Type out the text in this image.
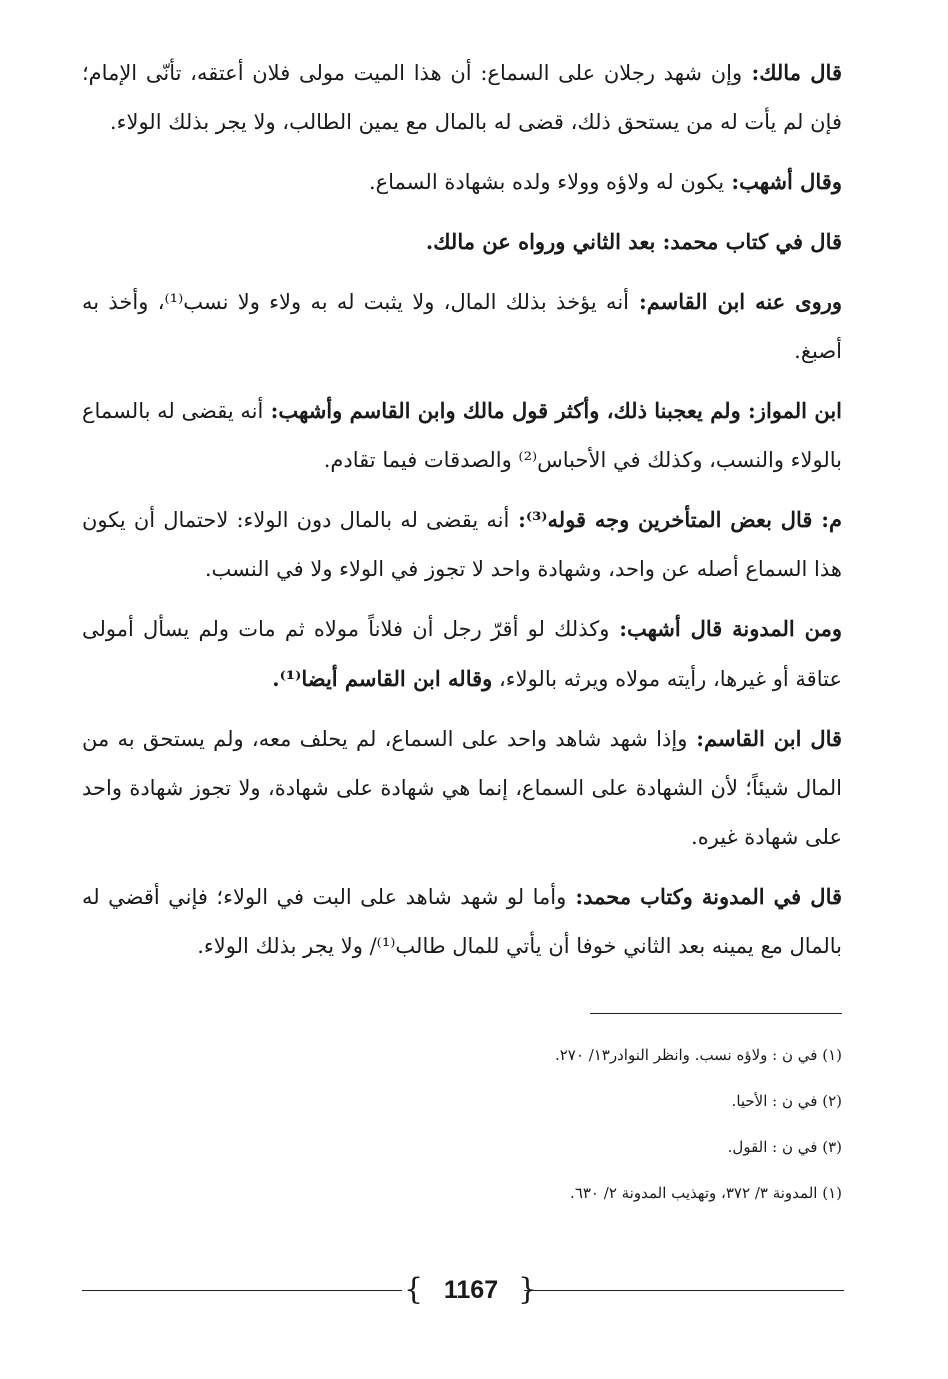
قال مالك: وإن شهد رجلان على السماع: أن هذا الميت مولى فلان أعتقه، تأنّى الإمام؛ فإن لم يأت له من يستحق ذلك، قضى له بالمال مع يمين الطالب، ولا يجر بذلك الولاء.

وقال أشهب: يكون له ولاؤه وولاء ولده بشهادة السماع.

قال في كتاب محمد: بعد الثاني ورواه عن مالك.

وروى عنه ابن القاسم: أنه يؤخذ بذلك المال، ولا يثبت له به ولاء ولا نسب⁽¹⁾، وأخذ به أصبغ.

ابن المواز: ولم يعجبنا ذلك، وأكثر قول مالك وابن القاسم وأشهب: أنه يقضى له بالسماع بالولاء والنسب، وكذلك في الأحباس⁽²⁾ والصدقات فيما تقادم.

م: قال بعض المتأخرين وجه قوله⁽³⁾: أنه يقضى له بالمال دون الولاء: لاحتمال أن يكون هذا السماع أصله عن واحد، وشهادة واحد لا تجوز في الولاء ولا في النسب.

ومن المدونة قال أشهب: وكذلك لو أقرّ رجل أن فلاناً مولاه ثم مات ولم يسأل أمولى عتاقة أو غيرها، رأيته مولاه ويرثه بالولاء، وقاله ابن القاسم أيضا⁽¹⁾.

قال ابن القاسم: وإذا شهد شاهد واحد على السماع، لم يحلف معه، ولم يستحق به من المال شيئاً؛ لأن الشهادة على السماع، إنما هي شهادة على شهادة، ولا تجوز شهادة واحد على شهادة غيره.

قال في المدونة وكتاب محمد: وأما لو شهد شاهد على البت في الولاء؛ فإني أقضي له بالمال مع يمينه بعد الثاني خوفا أن يأتي للمال طالب⁽¹⁾/ ولا يجر بذلك الولاء.

(١) في ن : ولاؤه نسب. وانظر النوادر١٣/ ٢٧٠.
(٢) في ن : الأحيا.
(٣) في ن : القول.
(١) المدونة ٣/ ٣٧٢، وتهذيب المدونة ٢/ ٦٣٠.
{ 1167 }
